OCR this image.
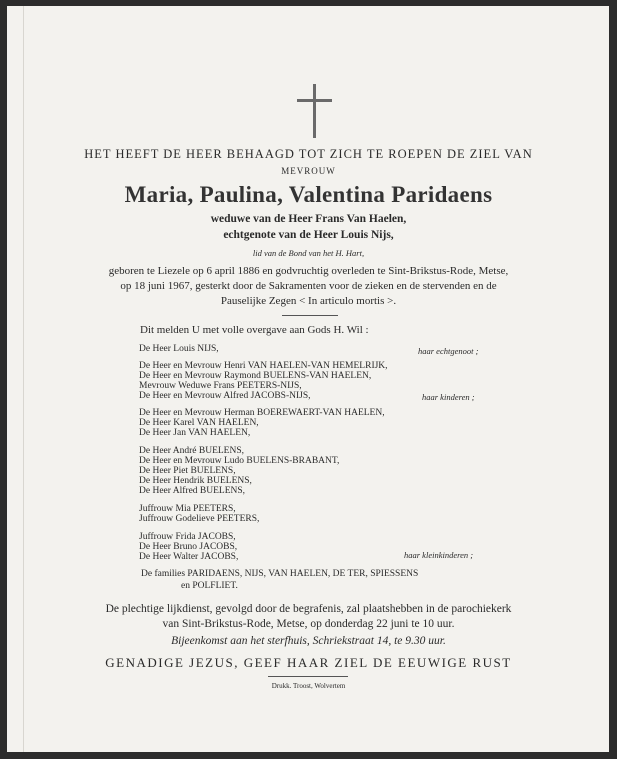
HET HEEFT DE HEER BEHAAGD TOT ZICH TE ROEPEN DE ZIEL VAN
MEVROUW
Maria, Paulina, Valentina Paridaens
weduwe van de Heer Frans Van Haelen,
echtgenote van de Heer Louis Nijs,
lid van de Bond van het H. Hart,
geboren te Liezele op 6 april 1886 en godvruchtig overleden te Sint-Brikstus-Rode, Metse,
op 18 juni 1967, gesterkt door de Sakramenten voor de zieken en de stervenden en de
Pauselijke Zegen < In articulo mortis >.
Dit melden U met volle overgave aan Gods H. Wil :
De Heer Louis NIJS,	haar echtgenoot ;
De Heer en Mevrouw Henri VAN HAELEN-VAN HEMELRIJK,
De Heer en Mevrouw Raymond BUELENS-VAN HAELEN,
Mevrouw Weduwe Frans PEETERS-NIJS,
De Heer en Mevrouw Alfred JACOBS-NIJS,	haar kinderen ;
De Heer en Mevrouw Herman BOEREWAERT-VAN HAELEN,
De Heer Karel VAN HAELEN,
De Heer Jan VAN HAELEN,
De Heer André BUELENS,
De Heer en Mevrouw Ludo BUELENS-BRABANT,
De Heer Piet BUELENS,
De Heer Hendrik BUELENS,
De Heer Alfred BUELENS,
Juffrouw Mia PEETERS,
Juffrouw Godelieve PEETERS,
Juffrouw Frida JACOBS,
De Heer Bruno JACOBS,
De Heer Walter JACOBS,	haar kleinkinderen ;
De families PARIDAENS, NIJS, VAN HAELEN, DE TER, SPIESSENS
en POLFLIET.
De plechtige lijkdienst, gevolgd door de begrafenis, zal plaatshebben in de parochiekerk
van Sint-Brikstus-Rode, Metse, op donderdag 22 juni te 10 uur.
Bijeenkomst aan het sterfhuis, Schriekstraat 14, te 9.30 uur.
GENADIGE JEZUS, GEEF HAAR ZIEL DE EEUWIGE RUST
Drukk. Troost, Wolvertem
